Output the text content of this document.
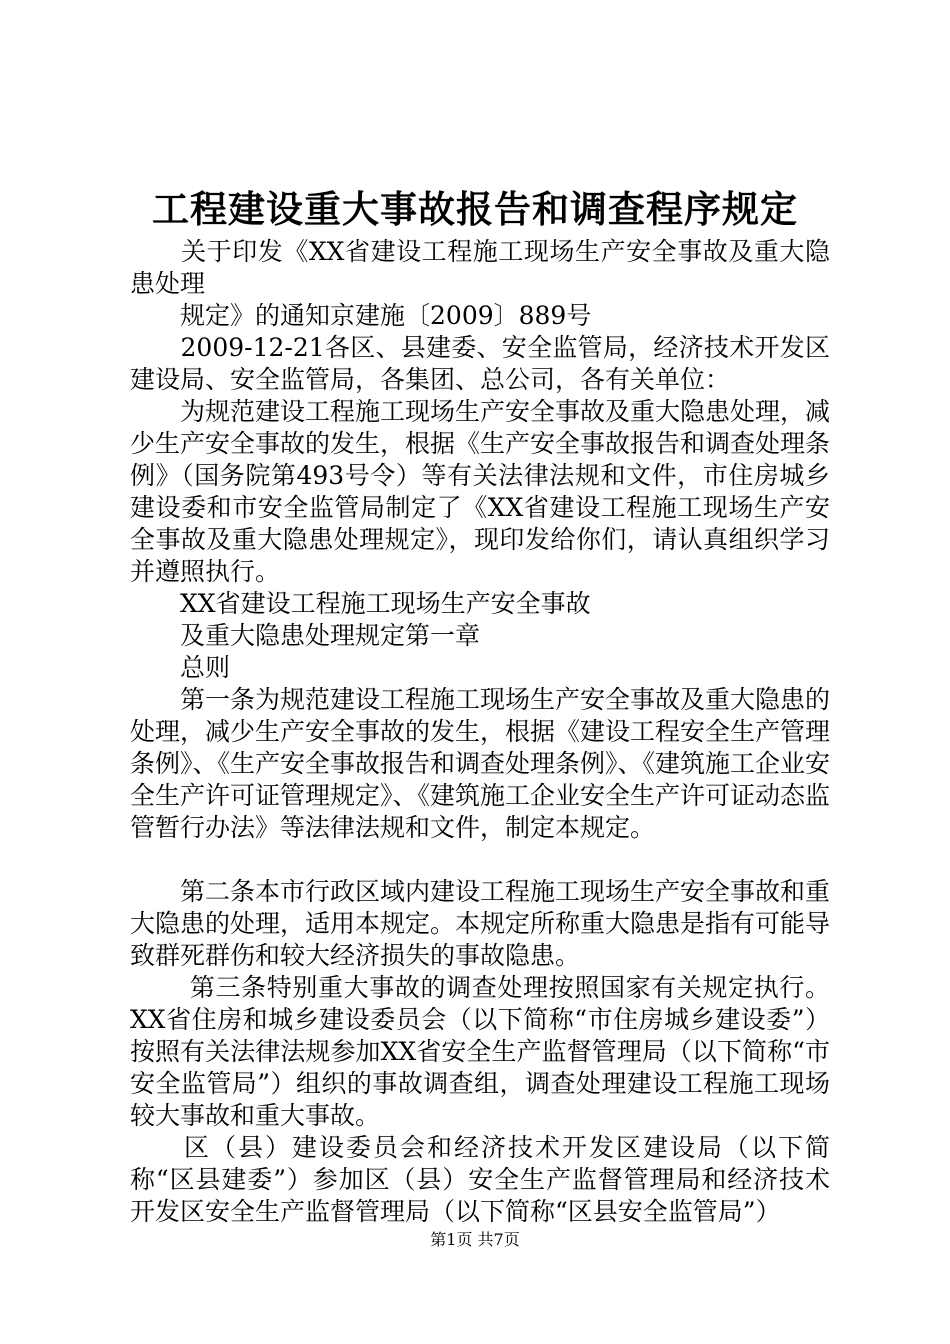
工程建设重大事故报告和调查程序规定

　　关于印发《XX省建设工程施工现场生产安全事故及重大隐患处理

　　规定》的通知京建施〔2009〕889号

　　2009-12-21各区、县建委、安全监管局，经济技术开发区建设局、安全监管局，各集团、总公司，各有关单位：

　　为规范建设工程施工现场生产安全事故及重大隐患处理，减少生产安全事故的发生，根据《生产安全事故报告和调查处理条例》（国务院第493号令）等有关法律法规和文件，市住房城乡建设委和市安全监管局制定了《XX省建设工程施工现场生产安全事故及重大隐患处理规定》，现印发给你们，请认真组织学习并遵照执行。

　　XX省建设工程施工现场生产安全事故

　　及重大隐患处理规定第一章

　　总则

　　第一条为规范建设工程施工现场生产安全事故及重大隐患的处理，减少生产安全事故的发生，根据《建设工程安全生产管理条例》、《生产安全事故报告和调查处理条例》、《建筑施工企业安全生产许可证管理规定》、《建筑施工企业安全生产许可证动态监管暂行办法》等法律法规和文件，制定本规定。

　　第二条本市行政区域内建设工程施工现场生产安全事故和重大隐患的处理，适用本规定。本规定所称重大隐患是指有可能导致群死群伤和较大经济损失的事故隐患。

　　 第三条特别重大事故的调查处理按照国家有关规定执行。XX省住房和城乡建设委员会（以下简称“市住房城乡建设委”）按照有关法律法规参加XX省安全生产监督管理局（以下简称“市安全监管局”）组织的事故调查组，调查处理建设工程施工现场较大事故和重大事故。

　　区（县）建设委员会和经济技术开发区建设局（以下简称“区县建委”）参加区（县）安全生产监督管理局和经济技术开发区安全生产监督管理局（以下简称“区县安全监管局”）

第1页 共7页
